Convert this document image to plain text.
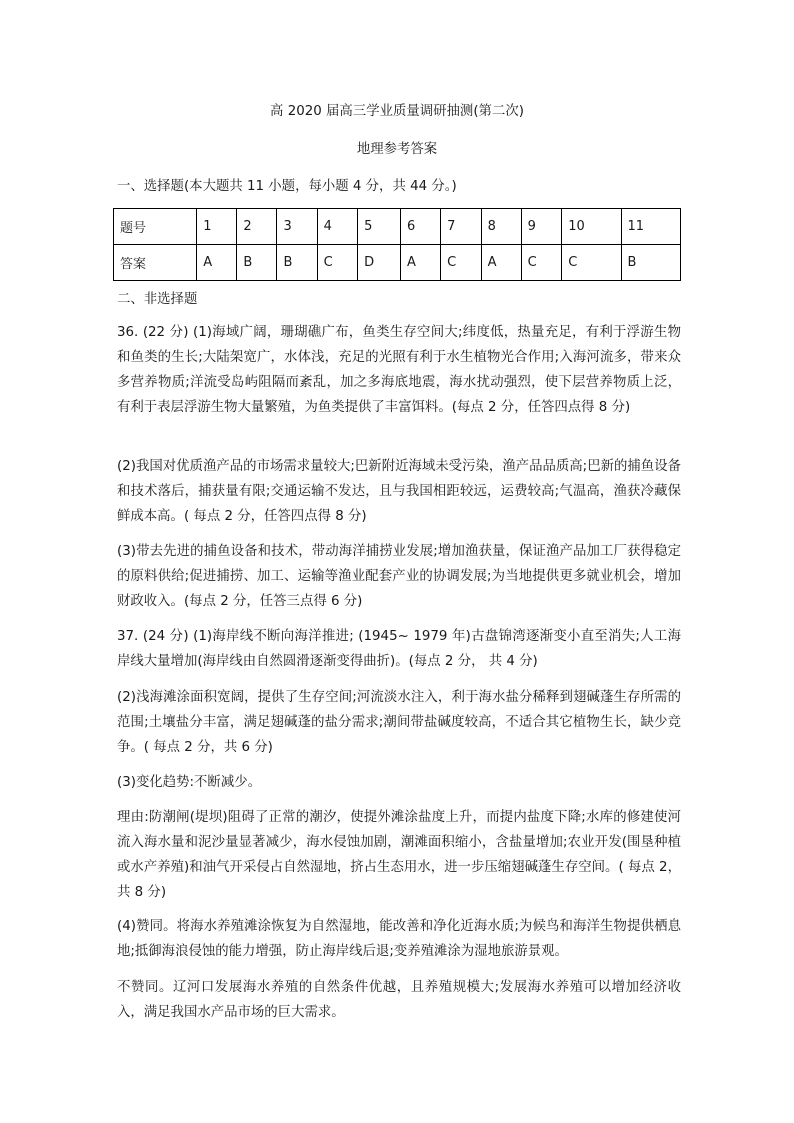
高 2020 届高三学业质量调研抽测(第二次)
地理参考答案
一、选择题(本大题共 11 小题，每小题 4 分，共 44 分。)
题号	1	2	3	4	5	6	7	8	9	10	11
答案	A	B	B	C	D	A	C	A	C	C	B
二、非选择题
36. (22 分) (1)海域广阔，珊瑚礁广布，鱼类生存空间大;纬度低，热量充足，有利于浮游生物和鱼类的生长;大陆架宽广，水体浅，充足的光照有利于水生植物光合作用;入海河流多，带来众多营养物质;洋流受岛屿阻隔而紊乱，加之多海底地震，海水扰动强烈，使下层营养物质上泛，有利于表层浮游生物大量繁殖，为鱼类提供了丰富饵料。(每点 2 分，任答四点得 8 分)
(2)我国对优质渔产品的市场需求量较大;巴新附近海域未受污染，渔产品品质高;巴新的捕鱼设备和技术落后，捕获量有限;交通运输不发达，且与我国相距较远，运费较高;气温高，渔获冷藏保鲜成本高。( 每点 2 分，任答四点得 8 分)
(3)带去先进的捕鱼设备和技术，带动海洋捕捞业发展;增加渔获量，保证渔产品加工厂获得稳定的原料供给;促进捕捞、加工、运输等渔业配套产业的协调发展;为当地提供更多就业机会，增加财政收入。(每点 2 分，任答三点得 6 分)
37. (24 分) (1)海岸线不断向海洋推进; (1945~ 1979 年)古盘锦湾逐渐变小直至消失;人工海岸线大量增加(海岸线由自然圆滑逐渐变得曲折)。(每点 2 分， 共 4 分)
(2)浅海滩涂面积宽阔，提供了生存空间;河流淡水注入，利于海水盐分稀释到翅碱蓬生存所需的范围;土壤盐分丰富，满足翅碱蓬的盐分需求;潮间带盐碱度较高，不适合其它植物生长，缺少竞争。( 每点 2 分，共 6 分)
(3)变化趋势:不断减少。
理由:防潮闸(堤坝)阻碍了正常的潮汐，使提外滩涂盐度上升，而提内盐度下降;水库的修建使河流入海水量和泥沙量显著减少，海水侵蚀加剧，潮滩面积缩小，含盐量增加;农业开发(围垦种植或水产养殖)和油气开采侵占自然湿地，挤占生态用水，进一步压缩翅碱蓬生存空间。( 每点 2，共 8 分)
(4)赞同。将海水养殖滩涂恢复为自然湿地，能改善和净化近海水质;为候鸟和海洋生物提供栖息地;抵御海浪侵蚀的能力增强，防止海岸线后退;变养殖滩涂为湿地旅游景观。
不赞同。辽河口发展海水养殖的自然条件优越，且养殖规模大;发展海水养殖可以增加经济收入，满足我国水产品市场的巨大需求。
